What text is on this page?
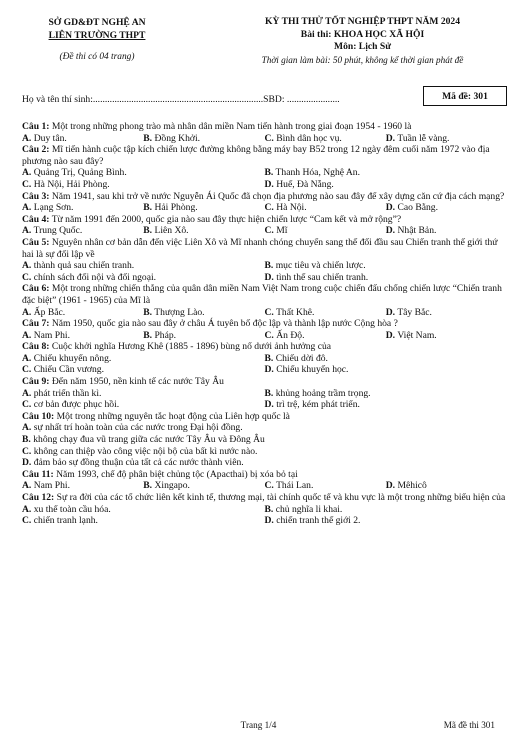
SỞ GD&ĐT NGHỆ AN
LIÊN TRƯỜNG THPT
(Đề thi có 04 trang)
KỲ THI THỬ TỐT NGHIỆP THPT NĂM 2024
Bài thi: KHOA HỌC XÃ HỘI
Môn: Lịch Sử
Thời gian làm bài: 50 phút, không kể thời gian phát đề
Họ và tên thí sinh:.......................................................................SBD: ......................	Mã đề: 301
Câu 1: Một trong những phong trào mà nhân dân miền Nam tiến hành trong giai đoạn 1954 - 1960 là
A. Duy tân.	B. Đồng Khởi.	C. Bình dân học vụ.	D. Tuần lễ vàng.
Câu 2: Mĩ tiến hành cuộc tập kích chiến lược đường không bằng máy bay B52 trong 12 ngày đêm cuối năm 1972 vào địa phương nào sau đây?
A. Quảng Trị, Quảng Bình.	B. Thanh Hóa, Nghệ An.
C. Hà Nội, Hải Phòng.	D. Huế, Đà Nẵng.
Câu 3: Năm 1941, sau khi trở về nước Nguyễn Ái Quốc đã chọn địa phương nào sau đây để xây dựng căn cứ địa cách mạng?
A. Lạng Sơn.	B. Hải Phòng.	C. Hà Nội.	D. Cao Bằng.
Câu 4: Từ năm 1991 đến 2000, quốc gia nào sau đây thực hiện chiến lược “Cam kết và mở rộng”?
A. Trung Quốc.	B. Liên Xô.	C. Mĩ	D. Nhật Bản.
Câu 5: Nguyên nhân cơ bản dẫn đến việc Liên Xô và Mĩ nhanh chóng chuyển sang thế đối đầu sau Chiến tranh thế giới thứ hai là sự đối lập về
A. thành quả sau chiến tranh.	B. mục tiêu và chiến lược.
C. chính sách đối nội và đối ngoại.	D. tình thế sau chiến tranh.
Câu 6: Một trong những chiến thắng của quân dân miền Nam Việt Nam trong cuộc chiến đấu chống chiến lược “Chiến tranh đặc biệt” (1961 - 1965) của Mĩ là
A. Ấp Bắc.	B. Thượng Lào.	C. Thất Khê.	D. Tây Bắc.
Câu 7: Năm 1950, quốc gia nào sau đây ở châu Á tuyên bố độc lập và thành lập nước Cộng hòa ?
A. Nam Phi.	B. Pháp.	C. Ấn Độ.	D. Việt Nam.
Câu 8: Cuộc khởi nghĩa Hương Khê (1885 - 1896) bùng nổ dưới ảnh hưởng của
A. Chiếu khuyến nông.	B. Chiếu dời đô.
C. Chiếu Cần vương.	D. Chiếu khuyến học.
Câu 9: Đến năm 1950, nền kinh tế các nước Tây Âu
A. phát triển thần kì.	B. khủng hoảng trầm trọng.
C. cơ bản được phục hồi.	D. trì trệ, kém phát triển.
Câu 10: Một trong những nguyên tắc hoạt động của Liên hợp quốc là
A. sự nhất trí hoàn toàn của các nước trong Đại hội đồng.
B. không chạy đua vũ trang giữa các nước Tây Âu và Đông Âu
C. không can thiệp vào công việc nội bộ của bất kì nước nào.
D. đảm bảo sự đồng thuận của tất cả các nước thành viên.
Câu 11: Năm 1993, chế độ phân biệt chủng tộc (Apacthai) bị xóa bỏ tại
A. Nam Phi.	B. Xingapo.	C. Thái Lan.	D. Mêhicô
Câu 12: Sự ra đời của các tổ chức liên kết kinh tế, thương mại, tài chính quốc tế và khu vực là một trong những biểu hiện của
A. xu thế toàn cầu hóa.	B. chủ nghĩa li khai.
C. chiến tranh lạnh.	D. chiến tranh thế giới 2.
Trang 1/4	Mã đề thi 301
